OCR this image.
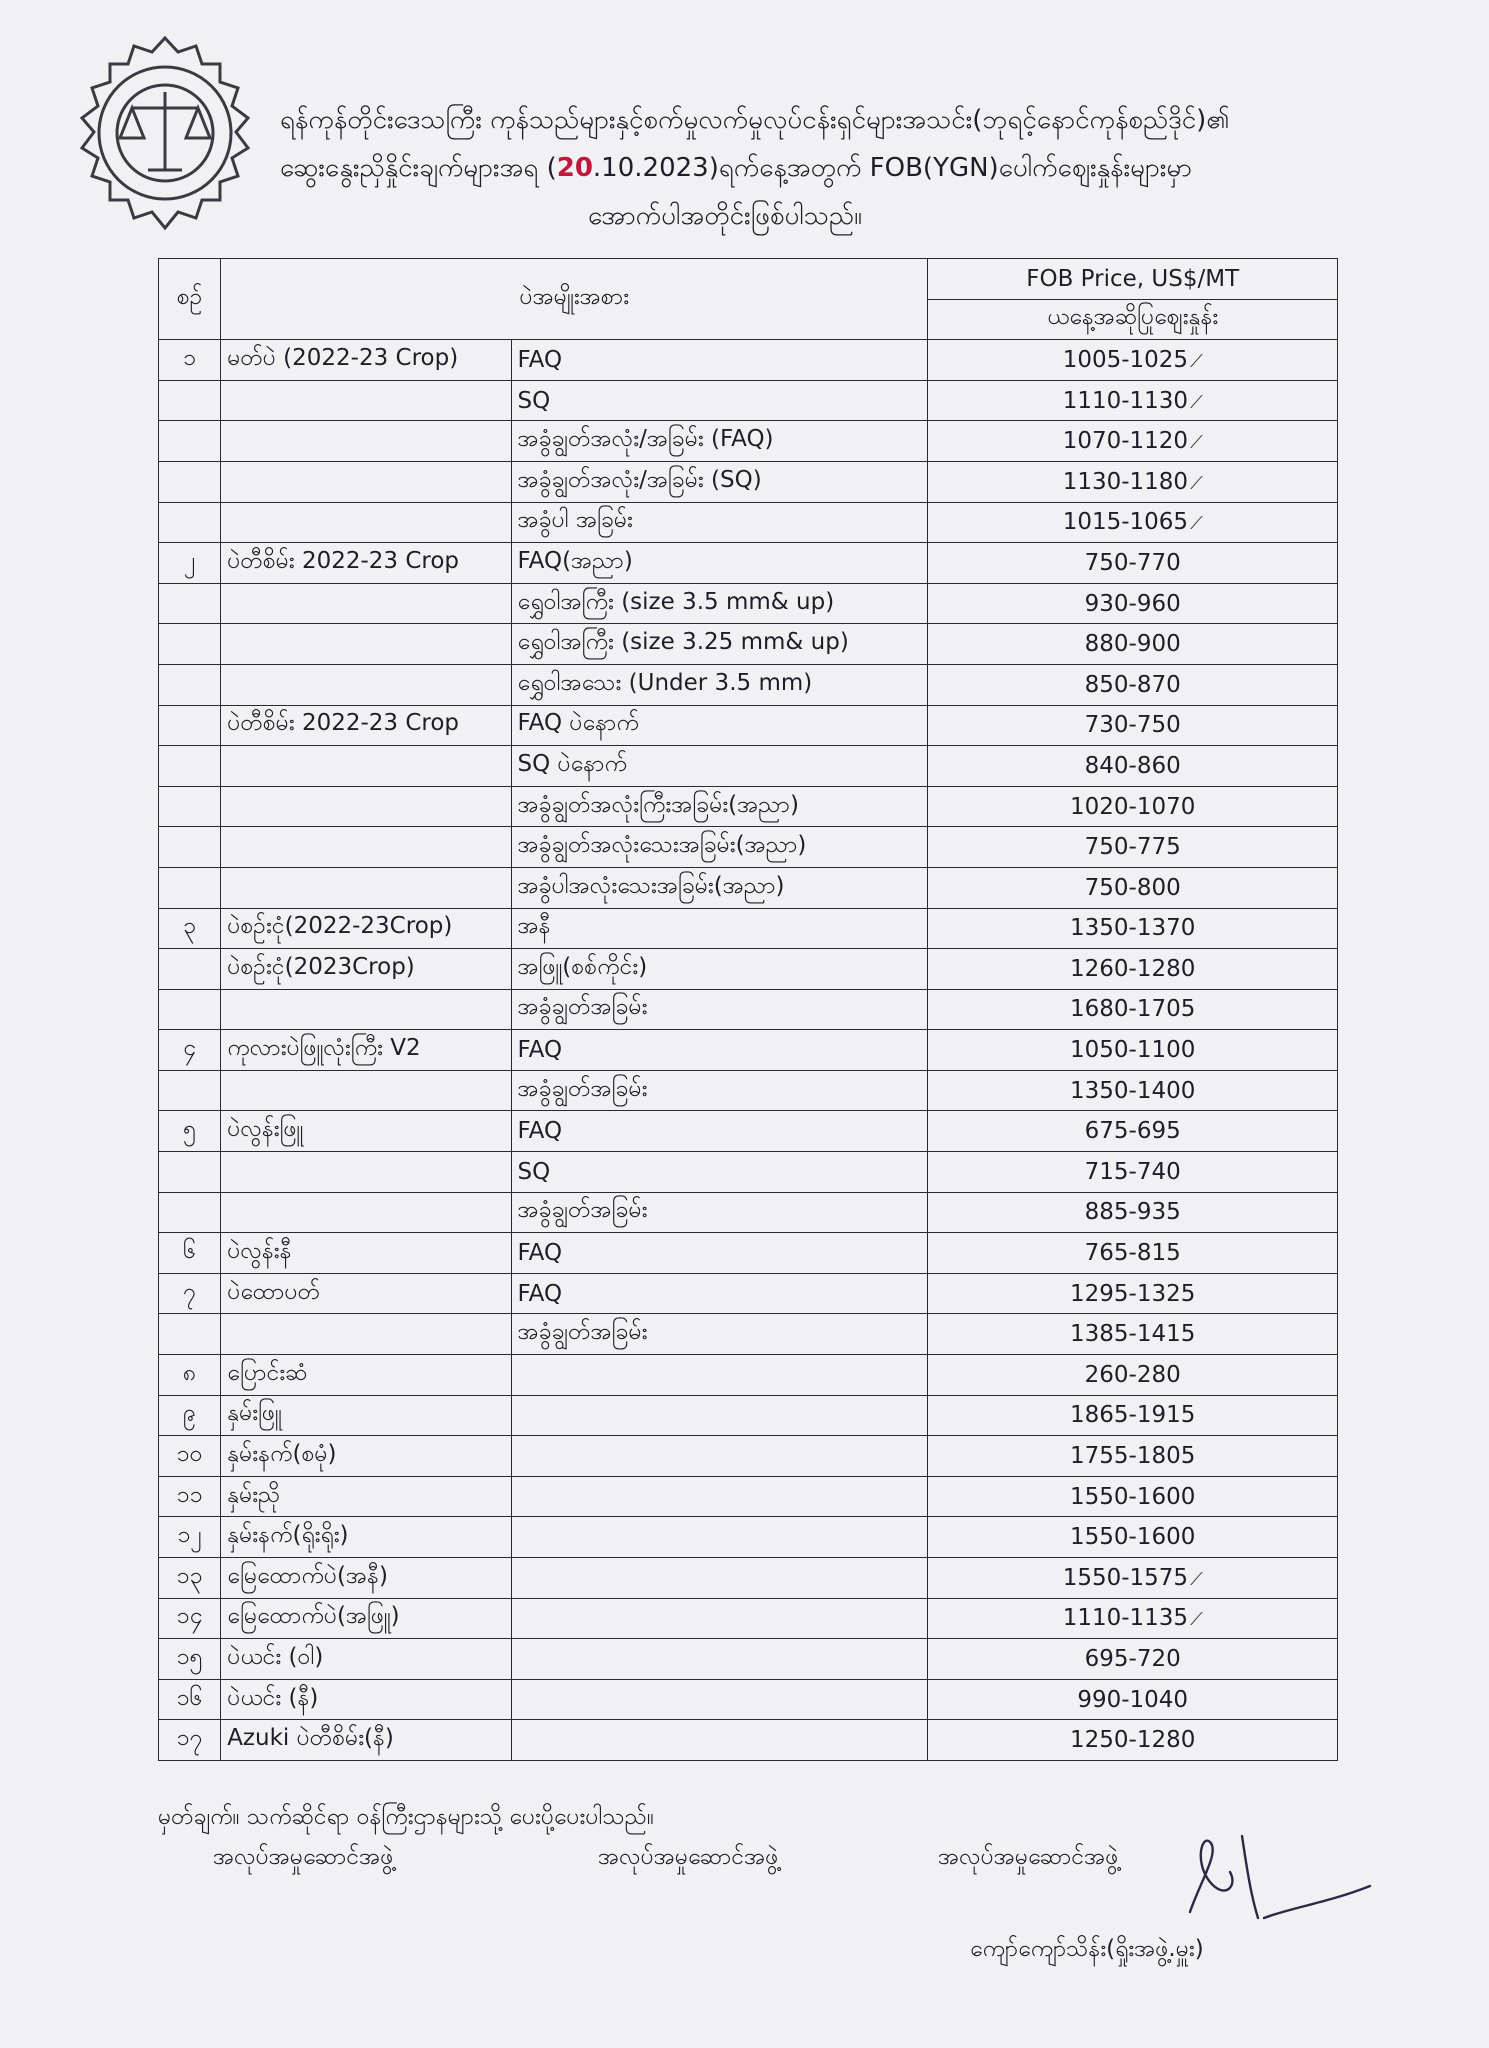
ရန်ကုန်တိုင်းဒေသကြီး ကုန်သည်များနှင့်စက်မှုလက်မှုလုပ်ငန်းရှင်များအသင်း(ဘုရင့်နောင်ကုန်စည်ဒိုင်)၏
ဆွေးနွေးညှိနှိုင်းချက်များအရ (20.10.2023)ရက်နေ့အတွက် FOB(YGN)ပေါက်ဈေးနှုန်းများမှာ
အောက်ပါအတိုင်းဖြစ်ပါသည်။
စဉ်	ပဲအမျိုးအစား		FOB Price, US$/MT
			ယနေ့အဆိုပြုဈေးနှုန်း
၁	မတ်ပဲ (2022-23 Crop)	FAQ	1005-1025 ⟋
		SQ	1110-1130 ⟋
		အခွံချွတ်အလုံး/အခြမ်း (FAQ)	1070-1120 ⟋
		အခွံချွတ်အလုံး/အခြမ်း (SQ)	1130-1180 ⟋
		အခွံပါ အခြမ်း	1015-1065 ⟋
၂	ပဲတီစိမ်း 2022-23 Crop	FAQ(အညာ)	750-770
		ရွှေဝါအကြီး (size 3.5 mm& up)	930-960
		ရွှေဝါအကြီး (size 3.25 mm& up)	880-900
		ရွှေဝါအသေး (Under 3.5 mm)	850-870
	ပဲတီစိမ်း 2022-23 Crop	FAQ ပဲနောက်	730-750
		SQ ပဲနောက်	840-860
		အခွံချွတ်အလုံးကြီးအခြမ်း(အညာ)	1020-1070
		အခွံချွတ်အလုံးသေးအခြမ်း(အညာ)	750-775
		အခွံပါအလုံးသေးအခြမ်း(အညာ)	750-800
၃	ပဲစဉ်းငုံ(2022-23Crop)	အနီ	1350-1370
	ပဲစဉ်းငုံ(2023Crop)	အဖြူ(စစ်ကိုင်း)	1260-1280
		အခွံချွတ်အခြမ်း	1680-1705
၄	ကုလားပဲဖြူလုံးကြီး V2	FAQ	1050-1100
		အခွံချွတ်အခြမ်း	1350-1400
၅	ပဲလွန်းဖြူ	FAQ	675-695
		SQ	715-740
		အခွံချွတ်အခြမ်း	885-935
၆	ပဲလွန်းနီ	FAQ	765-815
၇	ပဲထောပတ်	FAQ	1295-1325
		အခွံချွတ်အခြမ်း	1385-1415
၈	ပြောင်းဆံ		260-280
၉	နှမ်းဖြူ		1865-1915
၁၀	နှမ်းနက်(စမုံ)		1755-1805
၁၁	နှမ်းညို		1550-1600
၁၂	နှမ်းနက်(ရိုးရိုး)		1550-1600
၁၃	မြေထောက်ပဲ(အနီ)		1550-1575 ⟋
၁၄	မြေထောက်ပဲ(အဖြူ)		1110-1135 ⟋
၁၅	ပဲယင်း (ဝါ)		695-720
၁၆	ပဲယင်း (နီ)		990-1040
၁၇	Azuki ပဲတီစိမ်း(နီ)		1250-1280
မှတ်ချက်။ သက်ဆိုင်ရာ ဝန်ကြီးဌာနများသို့ ပေးပို့ပေးပါသည်။
အလုပ်အမှုဆောင်အဖွဲ့	အလုပ်အမှုဆောင်အဖွဲ့	အလုပ်အမှုဆောင်အဖွဲ့
ကျော်ကျော်သိန်း(ရှိုးအဖွဲ့.မှူး)
